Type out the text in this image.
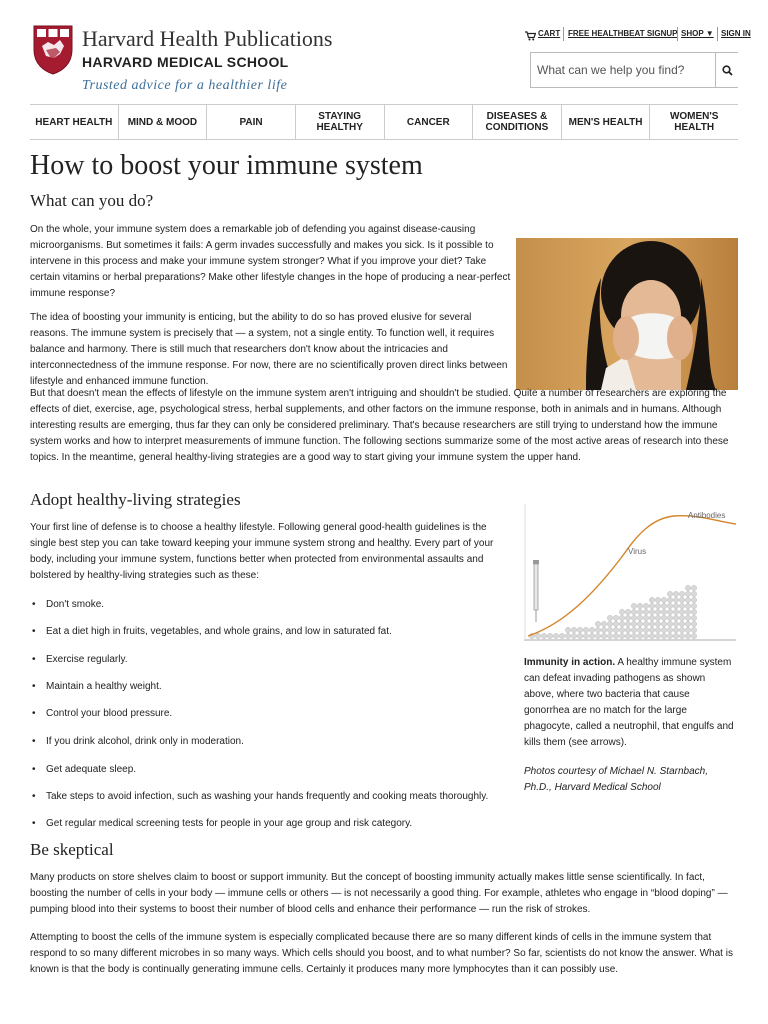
Harvard Health Publications
HARVARD MEDICAL SCHOOL
Trusted advice for a healthier life
CART FREE HEALTHBEAT SIGNUP SHOP ▼ SIGN IN
What can we help you find?
HEART HEALTH	MIND & MOOD	PAIN	STAYING HEALTHY	CANCER	DISEASES & CONDITIONS	MEN'S HEALTH	WOMEN'S HEALTH
How to boost your immune system
What can you do?

On the whole, your immune system does a remarkable job of defending you against disease-causing microorganisms. But sometimes it fails: A germ invades successfully and makes you sick. Is it possible to intervene in this process and make your immune system stronger? What if you improve your diet? Take certain vitamins or herbal preparations? Make other lifestyle changes in the hope of producing a near-perfect immune response?

The idea of boosting your immunity is enticing, but the ability to do so has proved elusive for several reasons. The immune system is precisely that — a system, not a single entity. To function well, it requires balance and harmony. There is still much that researchers don't know about the intricacies and interconnectedness of the immune response. For now, there are no scientifically proven direct links between lifestyle and enhanced immune function.

But that doesn't mean the effects of lifestyle on the immune system aren't intriguing and shouldn't be studied. Quite a number of researchers are exploring the effects of diet, exercise, age, psychological stress, herbal supplements, and other factors on the immune response, both in animals and in humans. Although interesting results are emerging, thus far they can only be considered preliminary. That's because researchers are still trying to understand how the immune system works and how to interpret measurements of immune function. The following sections summarize some of the most active areas of research into these topics. In the meantime, general healthy-living strategies are a good way to start giving your immune system the upper hand.

Adopt healthy-living strategies

Your first line of defense is to choose a healthy lifestyle. Following general good-health guidelines is the single best step you can take toward keeping your immune system strong and healthy. Every part of your body, including your immune system, functions better when protected from environmental assaults and bolstered by healthy-living strategies such as these:

• Don't smoke.
• Eat a diet high in fruits, vegetables, and whole grains, and low in saturated fat.
• Exercise regularly.
• Maintain a healthy weight.
• Control your blood pressure.
• If you drink alcohol, drink only in moderation.
• Get adequate sleep.
• Take steps to avoid infection, such as washing your hands frequently and cooking meats thoroughly.
• Get regular medical screening tests for people in your age group and risk category.
Antibodies
Virus
Immunity in action. A healthy immune system can defeat invading pathogens as shown above, where two bacteria that cause gonorrhea are no match for the large phagocyte, called a neutrophil, that engulfs and kills them (see arrows).
Photos courtesy of Michael N. Starnbach, Ph.D., Harvard Medical School
Be skeptical

Many products on store shelves claim to boost or support immunity. But the concept of boosting immunity actually makes little sense scientifically. In fact, boosting the number of cells in your body — immune cells or others — is not necessarily a good thing. For example, athletes who engage in “blood doping” — pumping blood into their systems to boost their number of blood cells and enhance their performance — run the risk of strokes.

Attempting to boost the cells of the immune system is especially complicated because there are so many different kinds of cells in the immune system that respond to so many different microbes in so many ways. Which cells should you boost, and to what number? So far, scientists do not know the answer. What is known is that the body is continually generating immune cells. Certainly it produces many more lymphocytes than it can possibly use.
